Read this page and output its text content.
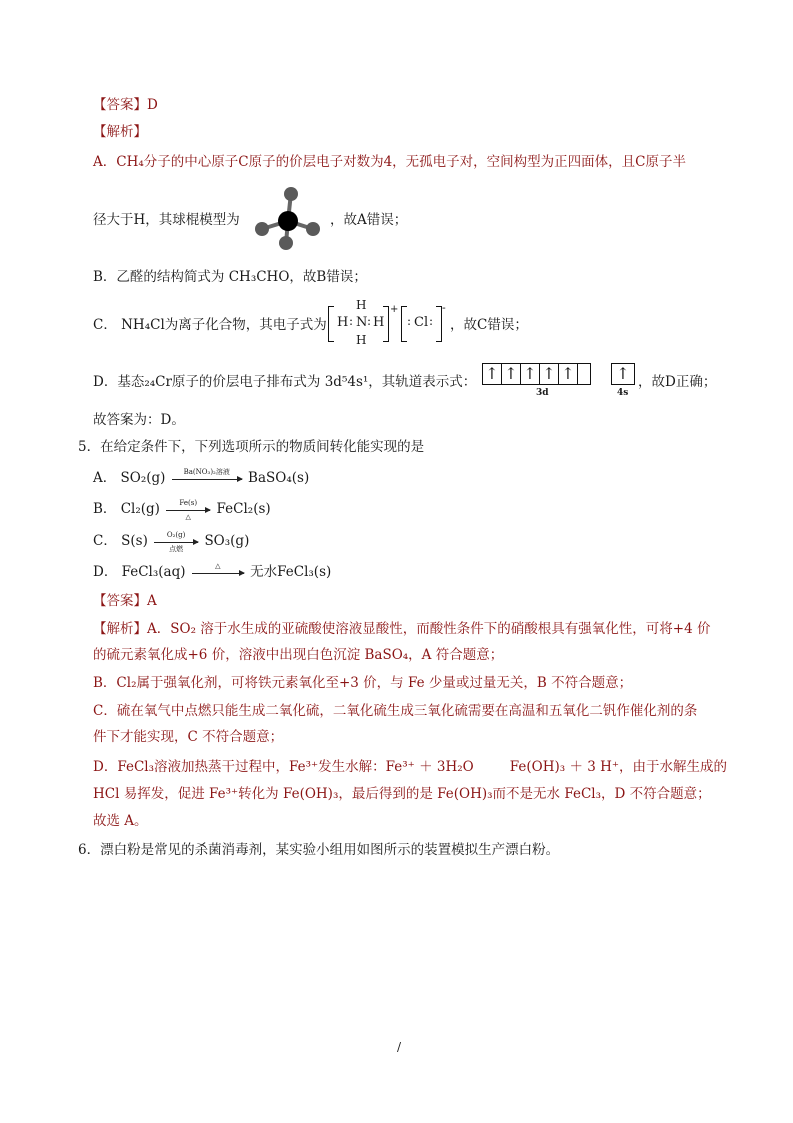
【答案】D
【解析】
A．CH₄分子的中心原子C原子的价层电子对数为4，无孤电子对，空间构型为正四面体，且C原子半
径大于H，其球棍模型为	，故A错误；
B．乙醛的结构简式为 CH₃CHO，故B错误；
C． NH₄Cl为离子化合物，其电子式为 H :
H
N
H
: H
+
: Cl :
-
，故C错误；
D．基态₂₄Cr原子的价层电子排布式为 3d⁵4s¹，其轨道表示式： ↑ ↑ ↑ ↑ ↑	↑
3d	4s
，故D正确；
故答案为：D。
5．在给定条件下，下列选项所示的物质间转化能实现的是
A． SO₂(g)	Ba(NO₃)₂溶液	BaSO₄(s)
B． Cl₂(g)	Fe(s)
△	FeCl₂(s)
C． S(s)	O₂(g)
点燃	SO₃(g)
D． FeCl₃(aq)	△	无水FeCl₃(s)
【答案】A
【解析】A．SO₂ 溶于水生成的亚硫酸使溶液显酸性，而酸性条件下的硝酸根具有强氧化性，可将+4 价
的硫元素氧化成+6 价，溶液中出现白色沉淀 BaSO₄，A 符合题意；
B．Cl₂属于强氧化剂，可将铁元素氧化至+3 价，与 Fe 少量或过量无关，B 不符合题意；
C．硫在氧气中点燃只能生成二氧化硫，二氧化硫生成三氧化硫需要在高温和五氧化二钒作催化剂的条
件下才能实现，C 不符合题意；
D．FeCl₃溶液加热蒸干过程中，Fe³⁺发生水解：Fe³⁺ ＋ 3H₂O	Fe(OH)₃ ＋ 3 H⁺，由于水解生成的
HCl 易挥发，促进 Fe³⁺转化为 Fe(OH)₃，最后得到的是 Fe(OH)₃而不是无水 FeCl₃，D 不符合题意；
故选 A。
6．漂白粉是常见的杀菌消毒剂，某实验小组用如图所示的装置模拟生产漂白粉。
/
